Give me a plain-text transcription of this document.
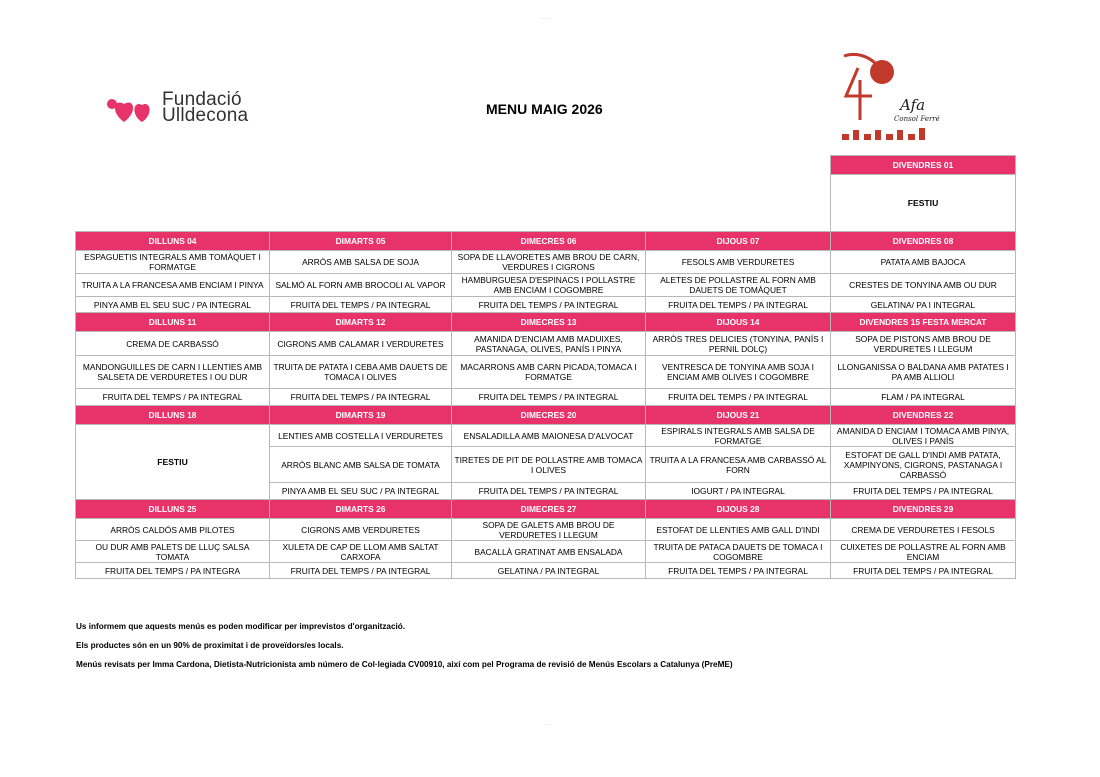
............
Fundació
Ulldecona	MENU MAIG 2026	Afa
Consol Ferré
				DIVENDRES 01
				FESTIU
DILLUNS 04	DIMARTS 05	DIMECRES 06	DIJOUS 07	DIVENDRES 08
ESPAGUETIS INTEGRALS AMB TOMÀQUET I FORMATGE	ARRÒS AMB SALSA DE SOJA	SOPA DE LLAVORETES AMB BROU DE CARN, VERDURES I CIGRONS	FESOLS AMB VERDURETES	PATATA AMB BAJOCA
TRUITA A LA FRANCESA AMB ENCIAM I PINYA	SALMÓ AL FORN AMB BROCOLI AL VAPOR	HAMBURGUESA D'ESPINACS I POLLASTRE AMB ENCIAM I COGOMBRE	ALETES DE POLLASTRE AL FORN AMB DAUETS DE TOMÀQUET	CRESTES DE TONYINA AMB OU DUR
PINYA AMB EL SEU SUC / PA INTEGRAL	FRUITA DEL TEMPS / PA INTEGRAL	FRUITA DEL TEMPS / PA INTEGRAL	FRUITA DEL TEMPS / PA INTEGRAL	GELATINA/ PA I INTEGRAL
DILLUNS 11	DIMARTS 12	DIMECRES 13	DIJOUS 14	DIVENDRES 15 FESTA MERCAT
CREMA DE CARBASSÓ	CIGRONS AMB CALAMAR I VERDURETES	AMANIDA D'ENCIAM AMB MADUIXES, PASTANAGA, OLIVES, PANÍS I PINYA	ARRÒS TRES DELICIES (TONYINA, PANÍS I PERNIL DOLÇ)	SOPA DE PISTONS AMB BROU DE VERDURETES I LLEGUM
MANDONGUILLES DE CARN I LLENTIES AMB SALSETA DE VERDURETES I OU DUR	TRUITA DE PATATA I CEBA AMB DAUETS DE TOMACA I OLIVES	MACARRONS AMB CARN PICADA,TOMACA I FORMATGE	VENTRESCA DE TONYINA AMB SOJA I ENCIAM AMB OLIVES I COGOMBRE	LLONGANISSA O BALDANA AMB PATATES I PA AMB ALLIOLI
FRUITA DEL TEMPS / PA INTEGRAL	FRUITA DEL TEMPS / PA INTEGRAL	FRUITA DEL TEMPS / PA INTEGRAL	FRUITA DEL TEMPS / PA INTEGRAL	FLAM / PA INTEGRAL
DILLUNS 18	DIMARTS 19	DIMECRES 20	DIJOUS 21	DIVENDRES 22
FESTIU	LENTIES AMB COSTELLA I VERDURETES	ENSALADILLA AMB MAIONESA D'ALVOCAT	ESPIRALS INTEGRALS AMB SALSA DE FORMATGE	AMANIDA D ENCIAM I TOMACA AMB PINYA, OLIVES I PANÍS
	ARRÒS BLANC AMB SALSA DE TOMATA	TIRETES DE PIT DE POLLASTRE AMB TOMACA I OLIVES	TRUITA A LA FRANCESA AMB CARBASSÓ AL FORN	ESTOFAT DE GALL D'INDI AMB PATATA, XAMPINYONS, CIGRONS, PASTANAGA I CARBASSÓ
	PINYA AMB EL SEU SUC / PA INTEGRAL	FRUITA DEL TEMPS / PA INTEGRAL	IOGURT / PA INTEGRAL	FRUITA DEL TEMPS / PA INTEGRAL
DILLUNS 25	DIMARTS 26	DIMECRES 27	DIJOUS 28	DIVENDRES 29
ARRÒS CALDÓS AMB PILOTES	CIGRONS AMB VERDURETES	SOPA DE GALETS AMB BROU DE VERDURETES I LLEGUM	ESTOFAT DE LLENTIES AMB GALL D'INDI	CREMA DE VERDURETES I FESOLS
OU DUR AMB PALETS DE LLUÇ SALSA TOMATA	XULETA DE CAP DE LLOM AMB SALTAT CARXOFA	BACALLÀ GRATINAT AMB ENSALADA	TRUITA DE PATACA DAUETS DE TOMACA I COGOMBRE	CUIXETES DE POLLASTRE AL FORN AMB ENCIAM
FRUITA DEL TEMPS / PA INTEGRA	FRUITA DEL TEMPS / PA INTEGRAL	GELATINA / PA INTEGRAL	FRUITA DEL TEMPS / PA INTEGRAL	FRUITA DEL TEMPS / PA INTEGRAL
Us informem que aquests menús es poden modificar per imprevistos d'organització.
Els productes són en un 90% de proximitat i de proveïdors/es locals.
Menús revisats per Imma Cardona, Dietista-Nutricionista amb número de Col·legiada CV00910, així com pel Programa de revisió de Menús Escolars a Catalunya (PreME)
........
